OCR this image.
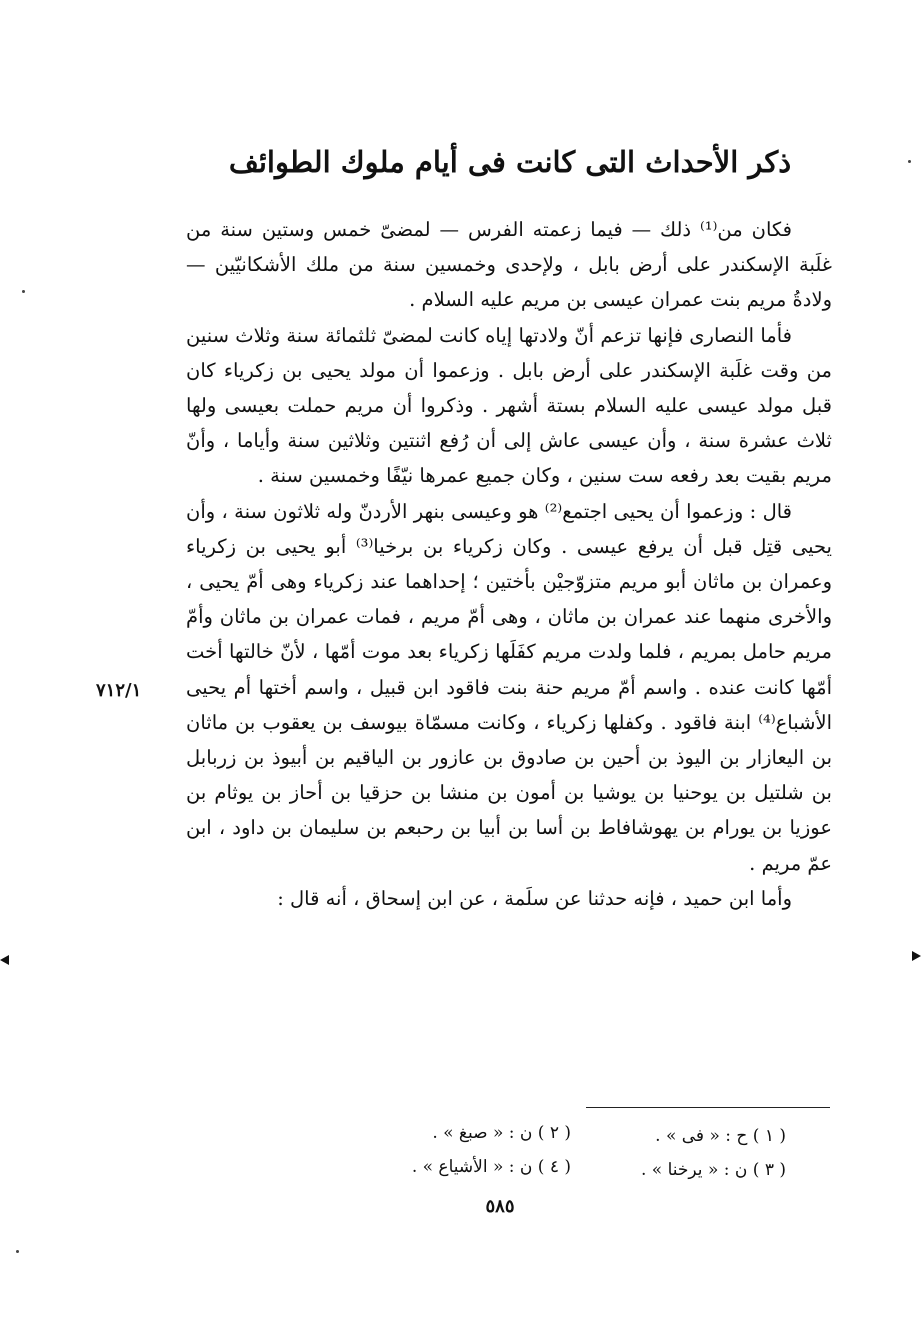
ذكر الأحداث التى كانت فى أيام ملوك الطوائف

فكان من⁽¹⁾ ذلك — فيما زعمته الفرس — لمضىّ خمس وستين سنة من غلَبة الإسكندر على أرض بابل ، ولإحدى وخمسين سنة من ملك الأشكانيّين — ولادةُ مريم بنت عمران عيسى بن مريم عليه السلام .

فأما النصارى فإنها تزعم أنّ ولادتها إياه كانت لمضىّ ثلثمائة سنة وثلاث سنين من وقت غلَبة الإسكندر على أرض بابل . وزعموا أن مولد يحيى بن زكرياء كان قبل مولد عيسى عليه السلام بستة أشهر . وذكروا أن مريم حملت بعيسى ولها ثلاث عشرة سنة ، وأن عيسى عاش إلى أن رُفع اثنتين وثلاثين سنة وأياما ، وأنّ مريم بقيت بعد رفعه ست سنين ، وكان جميع عمرها نيّفًا وخمسين سنة .

قال : وزعموا أن يحيى اجتمع⁽²⁾ هو وعيسى بنهر الأردنّ وله ثلاثون سنة ، وأن يحيى قتِل قبل أن يرفع عيسى . وكان زكرياء بن برخيا⁽³⁾ أبو يحيى بن زكرياء وعمران بن ماثان أبو مريم متزوّجيْن بأختين ؛ إحداهما عند زكرياء وهى أمّ يحيى ، والأخرى منهما عند عمران بن ماثان ، وهى أمّ مريم ، فمات عمران بن ماثان وأمّ مريم حامل بمريم ، فلما ولدت مريم كفَلَها زكرياء بعد موت أمّها ، لأنّ خالتها أخت أمّها كانت عنده . واسم أمّ مريم حنة بنت فاقود ابن قبيل ، واسم أختها أم يحيى الأشباع⁽⁴⁾ ابنة فاقود . وكفلها زكرياء ، وكانت مسمّاة بيوسف بن يعقوب بن ماثان بن اليعازار بن اليوذ بن أحين بن صادوق بن عازور بن الياقيم بن أبيوذ بن زربابل بن شلتيل بن يوحنيا بن يوشيا بن أمون بن منشا بن حزقيا بن أحاز بن يوثام بن عوزيا بن يورام بن يهوشافاط بن أسا بن أبيا بن رحبعم بن سليمان بن داود ، ابن عمّ مريم .

وأما ابن حميد ، فإنه حدثنا عن سلَمة ، عن ابن إسحاق ، أنه قال :

٧١٢/١
( ١ ) ح : « فى » .
( ٢ ) ن : « صبغ » .
( ٣ ) ن : « يرخنا » .
( ٤ ) ن : « الأشياع » .
٥٨٥
